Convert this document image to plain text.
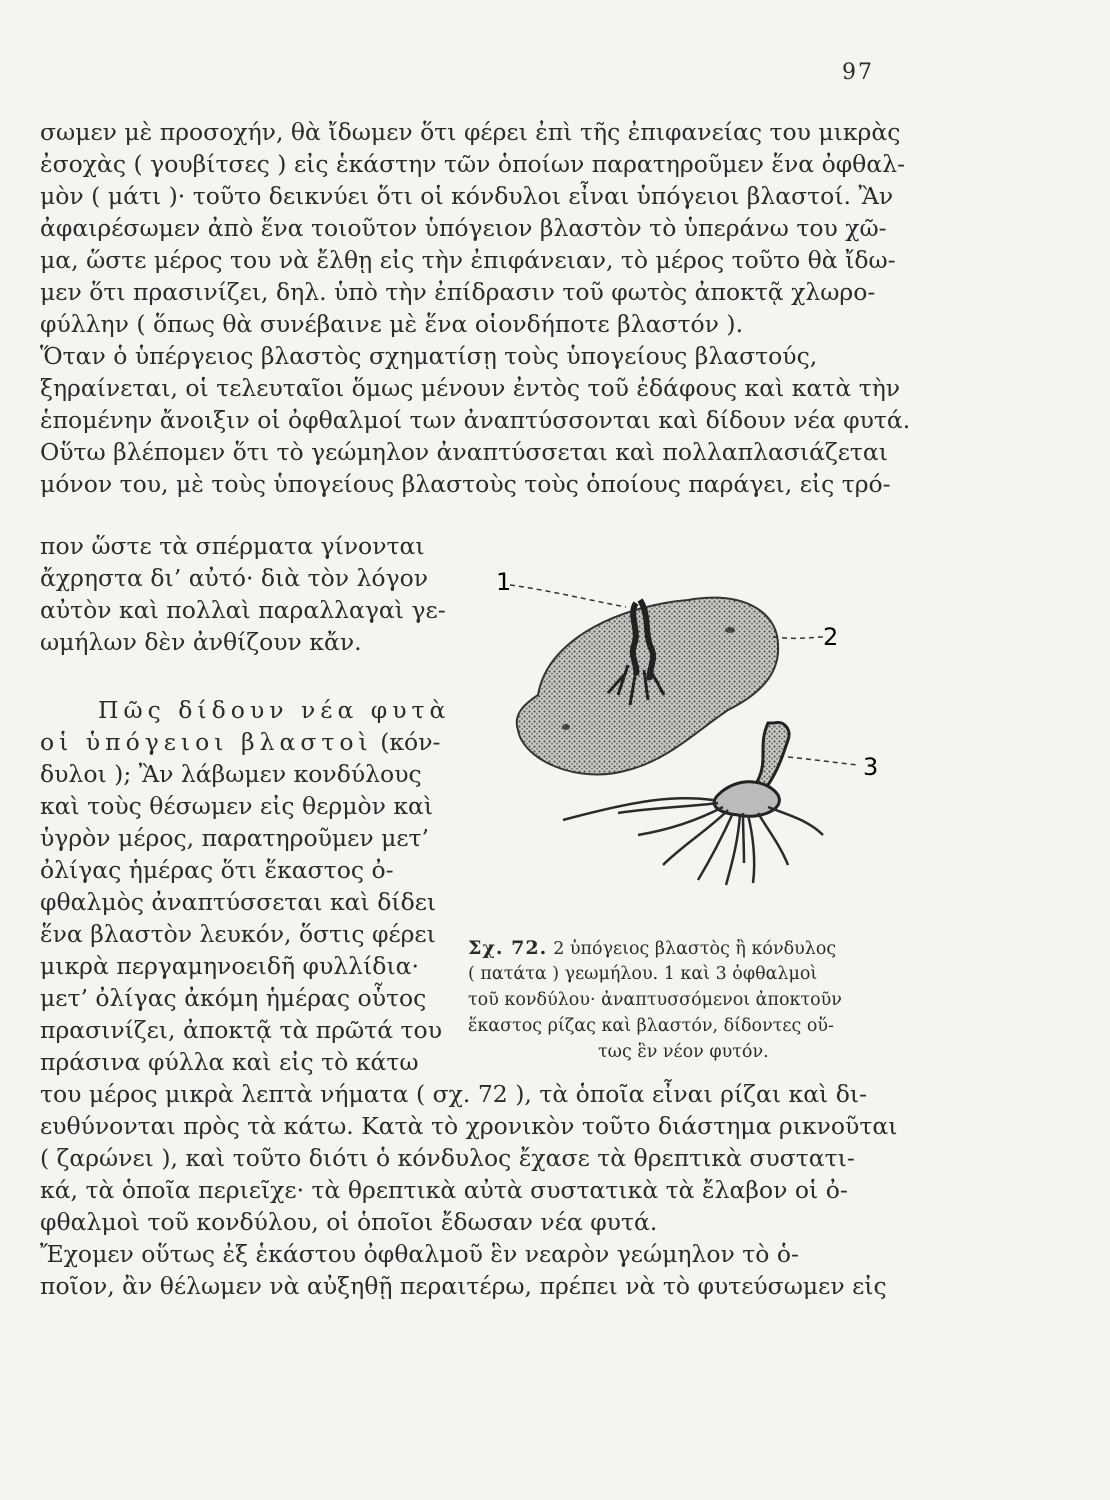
97
σωμεν μὲ προσοχήν, θὰ ἴδωμεν ὅτι φέρει ἐπὶ τῆς ἐπιφανείας του μικρὰς
ἐσοχὰς ( γουβίτσες ) εἰς ἑκάστην τῶν ὁποίων παρατηροῦμεν ἕνα ὀφθαλ-
μὸν ( μάτι )· τοῦτο δεικνύει ὅτι οἱ κόνδυλοι εἶναι ὑπόγειοι βλαστοί. Ἂν
ἀφαιρέσωμεν ἀπὸ ἕνα τοιοῦτον ὑπόγειον βλαστὸν τὸ ὑπεράνω του χῶ-
μα, ὥστε μέρος του νὰ ἔλθῃ εἰς τὴν ἐπιφάνειαν, τὸ μέρος τοῦτο θὰ ἴδω-
μεν ὅτι πρασινίζει, δηλ. ὑπὸ τὴν ἐπίδρασιν τοῦ φωτὸς ἀποκτᾷ χλωρο-
φύλλην ( ὅπως θὰ συνέβαινε μὲ ἕνα οἱονδήποτε βλαστόν ).
Ὅταν ὁ ὑπέργειος βλαστὸς σχηματίσῃ τοὺς ὑπογείους βλαστούς,
ξηραίνεται, οἱ τελευταῖοι ὅμως μένουν ἐντὸς τοῦ ἐδάφους καὶ κατὰ τὴν
ἑπομένην ἄνοιξιν οἱ ὀφθαλμοί των ἀναπτύσσονται καὶ δίδουν νέα φυτά.
Οὕτω βλέπομεν ὅτι τὸ γεώμηλον ἀναπτύσσεται καὶ πολλαπλασιάζεται
μόνον του, μὲ τοὺς ὑπογείους βλαστοὺς τοὺς ὁποίους παράγει, εἰς τρό-
πον ὥστε τὰ σπέρματα γίνονται
ἄχρηστα δι’ αὐτό· διὰ τὸν λόγον
αὐτὸν καὶ πολλαὶ παραλλαγαὶ γε-
ωμήλων δὲν ἀνθίζουν κἄν.
Πῶς δίδουν νέα φυτὰ
οἱ ὑπόγειοι βλαστοὶ (κόν-
δυλοι ); Ἂν λάβωμεν κονδύλους
καὶ τοὺς θέσωμεν εἰς θερμὸν καὶ
ὑγρὸν μέρος, παρατηροῦμεν μετ’
ὀλίγας ἡμέρας ὅτι ἕκαστος ὀ-
φθαλμὸς ἀναπτύσσεται καὶ δίδει
ἕνα βλαστὸν λευκόν, ὅστις φέρει
μικρὰ περγαμηνοειδῆ φυλλίδια·
μετ’ ὀλίγας ἀκόμη ἡμέρας οὗτος
πρασινίζει, ἀποκτᾷ τὰ πρῶτά του
πράσινα φύλλα καὶ εἰς τὸ κάτω
του μέρος μικρὰ λεπτὰ νήματα ( σχ. 72 ), τὰ ὁποῖα εἶναι ρίζαι καὶ δι-
ευθύνονται πρὸς τὰ κάτω. Κατὰ τὸ χρονικὸν τοῦτο διάστημα ρικνοῦται
( ζαρώνει ), καὶ τοῦτο διότι ὁ κόνδυλος ἔχασε τὰ θρεπτικὰ συστατι-
κά, τὰ ὁποῖα περιεῖχε· τὰ θρεπτικὰ αὐτὰ συστατικὰ τὰ ἔλαβον οἱ ὀ-
φθαλμοὶ τοῦ κονδύλου, οἱ ὁποῖοι ἔδωσαν νέα φυτά.
Ἔχομεν οὕτως ἐξ ἑκάστου ὀφθαλμοῦ ἓν νεαρὸν γεώμηλον τὸ ὁ-
ποῖον, ἂν θέλωμεν νὰ αὐξηθῇ περαιτέρω, πρέπει νὰ τὸ φυτεύσωμεν εἰς
1
2
3
Σχ. 72. 2 ὑπόγειος βλαστὸς ἢ κόνδυλος
( πατάτα ) γεωμήλου. 1 καὶ 3 ὀφθαλμοὶ
τοῦ κονδύλου· ἀναπτυσσόμενοι ἀποκτοῦν
ἕκαστος ρίζας καὶ βλαστόν, δίδοντες οὕ-
τως ἓν νέον φυτόν.
